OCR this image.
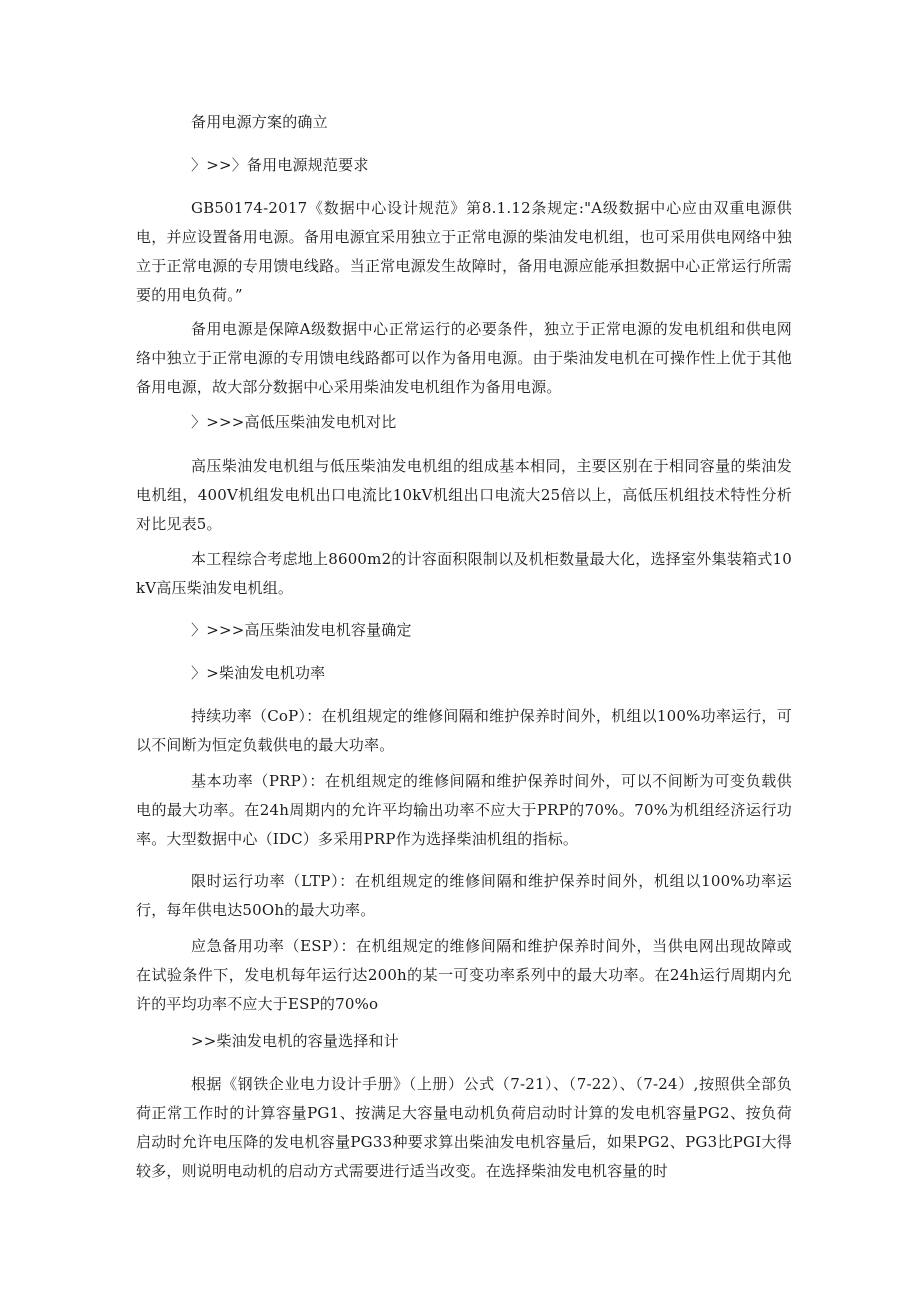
备用电源方案的确立
〉>>〉备用电源规范要求
GB50174-2017《数据中心设计规范》第8.1.12条规定:"A级数据中心应由双重电源供电，并应设置备用电源。备用电源宜采用独立于正常电源的柴油发电机组，也可采用供电网络中独立于正常电源的专用馈电线路。当正常电源发生故障时，备用电源应能承担数据中心正常运行所需要的用电负荷。”
备用电源是保障A级数据中心正常运行的必要条件，独立于正常电源的发电机组和供电网络中独立于正常电源的专用馈电线路都可以作为备用电源。由于柴油发电机在可操作性上优于其他备用电源，故大部分数据中心采用柴油发电机组作为备用电源。
〉>>>高低压柴油发电机对比
高压柴油发电机组与低压柴油发电机组的组成基本相同，主要区别在于相同容量的柴油发电机组，400V机组发电机出口电流比10kV机组出口电流大25倍以上，高低压机组技术特性分析对比见表5。
本工程综合考虑地上8600m2的计容面积限制以及机柜数量最大化，选择室外集装箱式10kV高压柴油发电机组。
〉>>>高压柴油发电机容量确定
〉>柴油发电机功率
持续功率（CoP）：在机组规定的维修间隔和维护保养时间外，机组以100%功率运行，可以不间断为恒定负载供电的最大功率。
基本功率（PRP）：在机组规定的维修间隔和维护保养时间外，可以不间断为可变负载供电的最大功率。在24h周期内的允许平均输出功率不应大于PRP的70%。70%为机组经济运行功率。大型数据中心（IDC）多采用PRP作为选择柴油机组的指标。
限时运行功率（LTP）：在机组规定的维修间隔和维护保养时间外，机组以100%功率运行，每年供电达50Oh的最大功率。
应急备用功率（ESP）：在机组规定的维修间隔和维护保养时间外，当供电网出现故障或在试验条件下，发电机每年运行达200h的某一可变功率系列中的最大功率。在24h运行周期内允许的平均功率不应大于ESP的70%o
>>柴油发电机的容量选择和计
根据《钢铁企业电力设计手册》（上册）公式（7-21）、（7-22）、（7-24）,按照供全部负荷正常工作时的计算容量PG1、按满足大容量电动机负荷启动时计算的发电机容量PG2、按负荷启动时允许电压降的发电机容量PG33种要求算出柴油发电机容量后，如果PG2、PG3比PGI大得较多，则说明电动机的启动方式需要进行适当改变。在选择柴油发电机容量的时
